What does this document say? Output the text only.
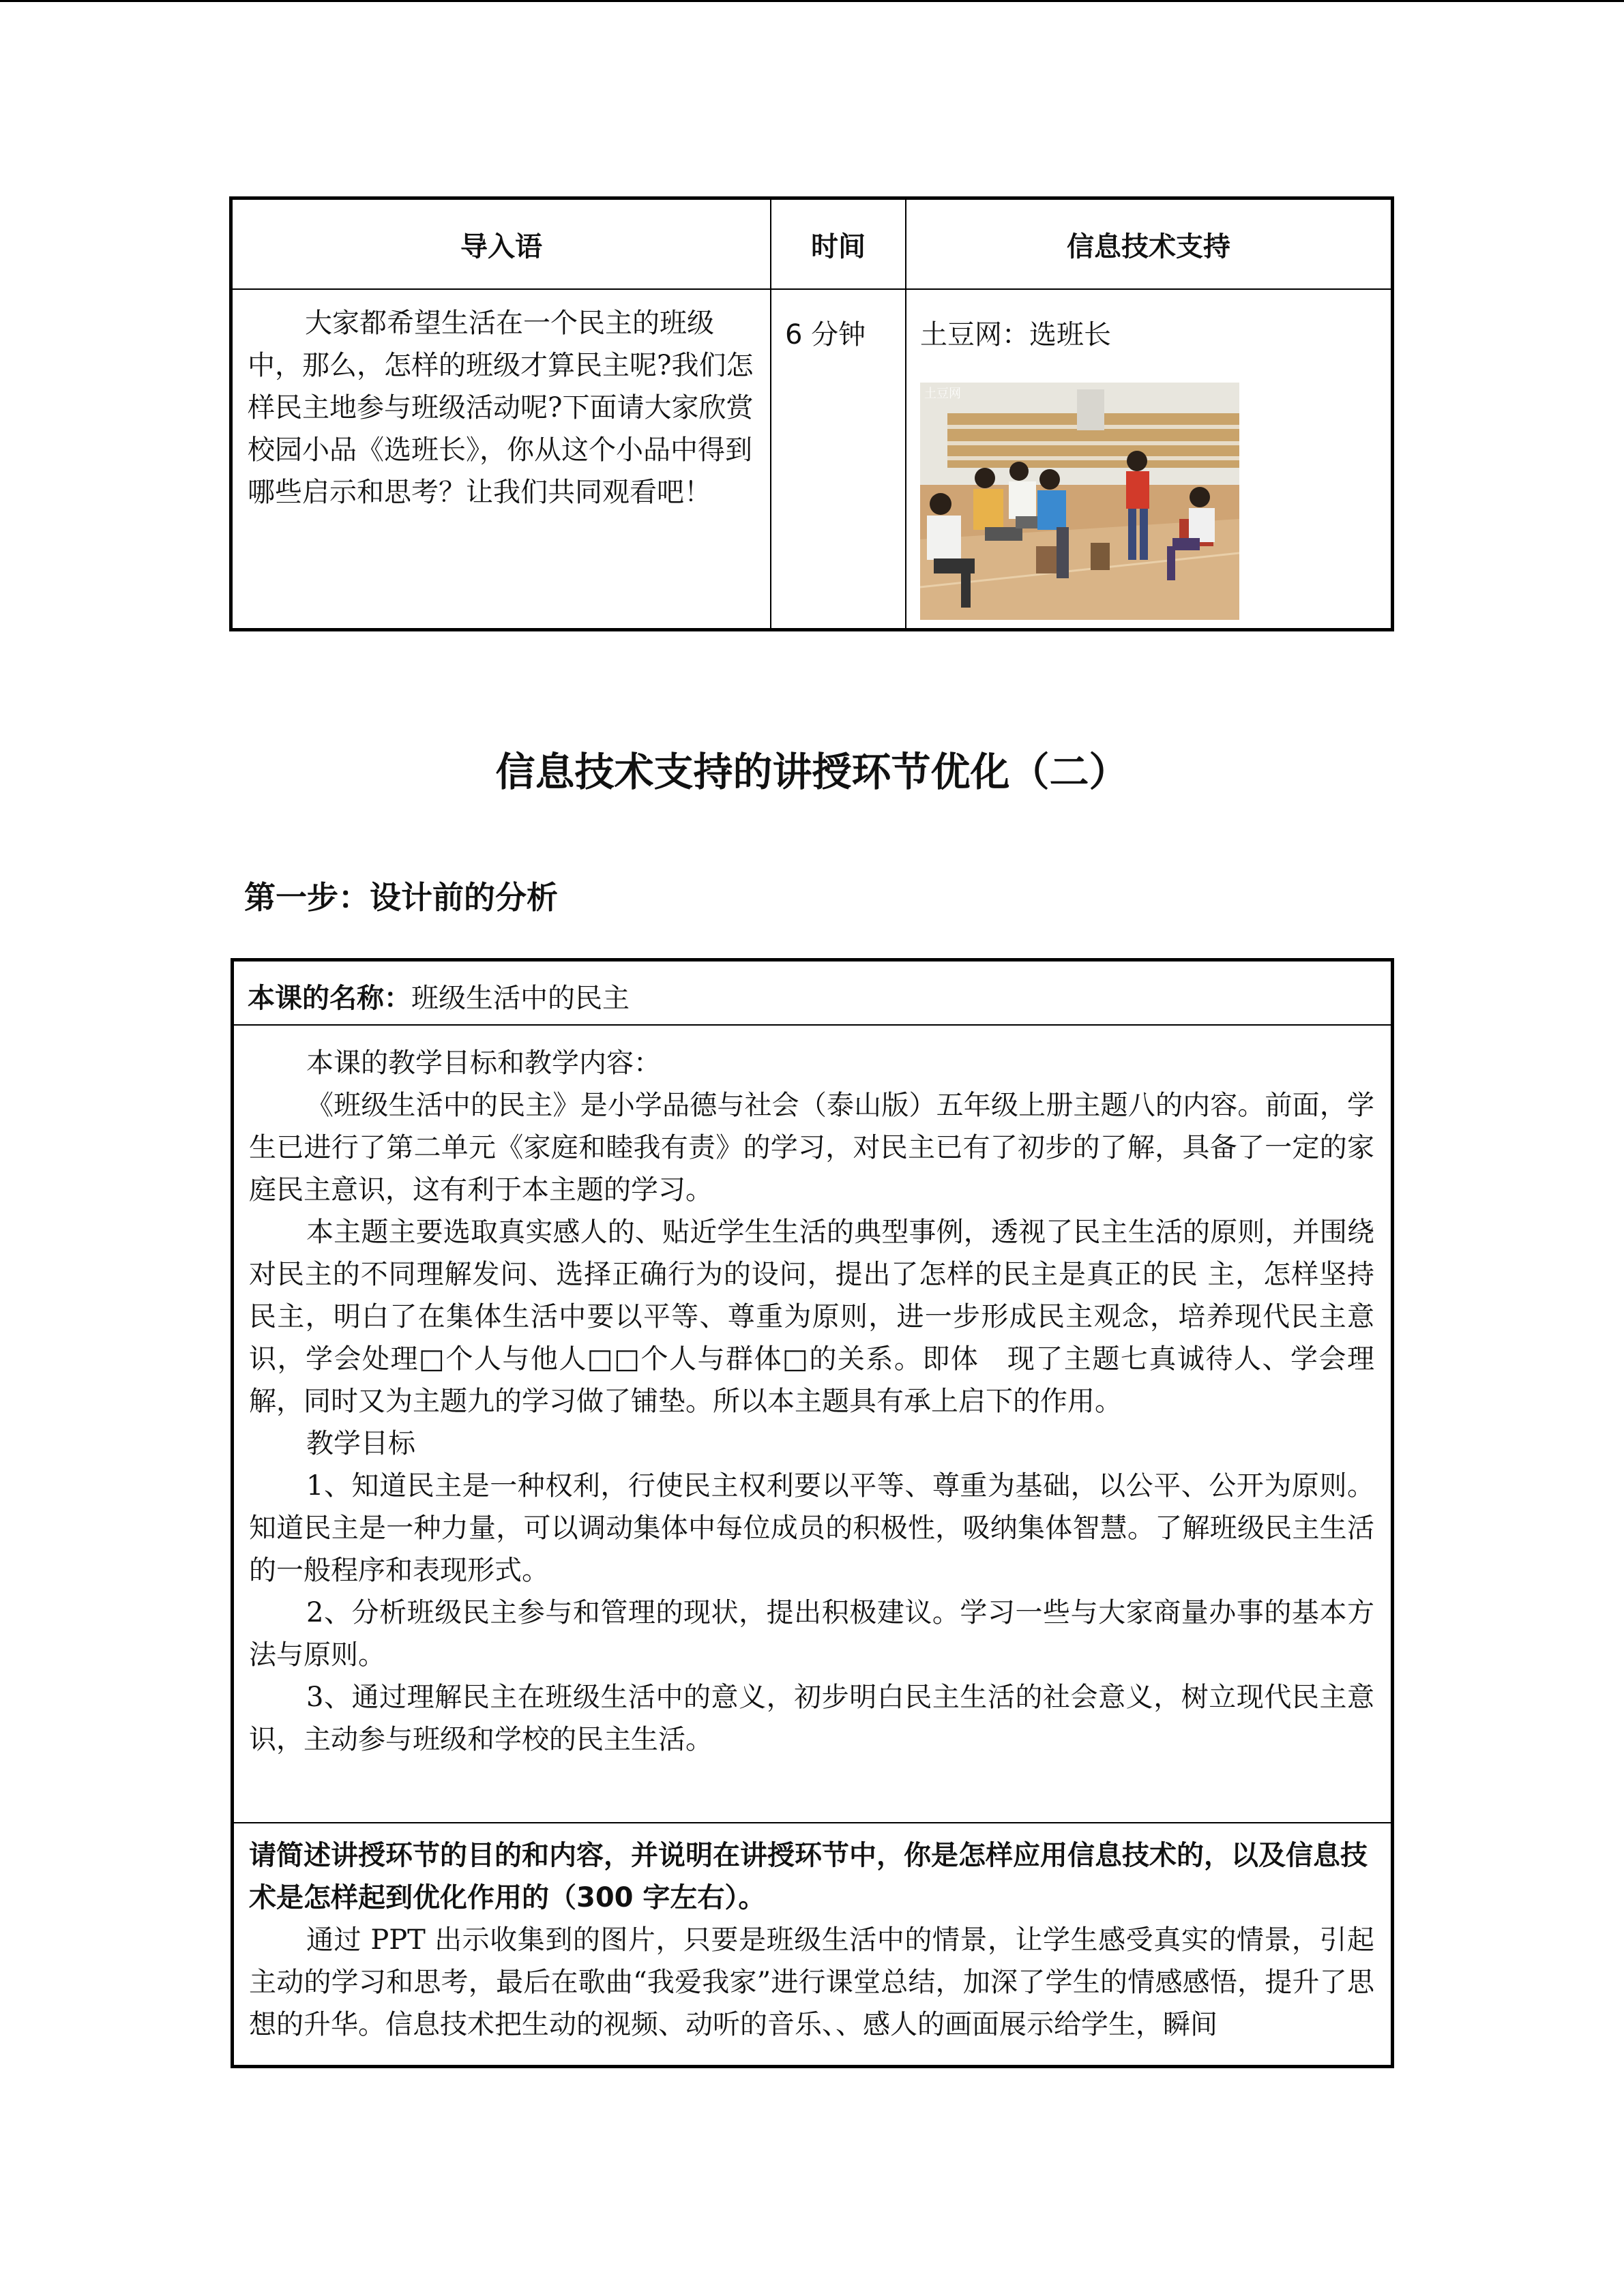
导入语	时间	信息技术支持
大家都希望生活在一个民主的班级中，那么，怎样的班级才算民主呢?我们怎样民主地参与班级活动呢?下面请大家欣赏校园小品《选班长》，你从这个小品中得到哪些启示和思考？让我们共同观看吧！
6 分钟 土豆网：选班长
土豆网
信息技术支持的讲授环节优化（二）
第一步：设计前的分析
本课的名称：班级生活中的民主

本课的教学目标和教学内容：

《班级生活中的民主》是小学品德与社会（泰山版）五年级上册主题八的内容。前面，学生已进行了第二单元《家庭和睦我有责》的学习，对民主已有了初步的了解，具备了一定的家庭民主意识，这有利于本主题的学习。

本主题主要选取真实感人的、贴近学生生活的典型事例，透视了民主生活的原则，并围绕对民主的不同理解发问、选择正确行为的设问，提出了怎样的民主是真正的民 主，怎样坚持民主，明白了在集体生活中要以平等、尊重为原则，进一步形成民主观念，培养现代民主意识，学会处理□个人与他人□□个人与群体□的关系。即体　现了主题七真诚待人、学会理解，同时又为主题九的学习做了铺垫。所以本主题具有承上启下的作用。

教学目标

1、知道民主是一种权利，行使民主权利要以平等、尊重为基础，以公平、公开为原则。知道民主是一种力量，可以调动集体中每位成员的积极性，吸纳集体智慧。了解班级民主生活的一般程序和表现形式。

2、分析班级民主参与和管理的现状，提出积极建议。学习一些与大家商量办事的基本方法与原则。

3、通过理解民主在班级生活中的意义，初步明白民主生活的社会意义，树立现代民主意识，主动参与班级和学校的民主生活。

请简述讲授环节的目的和内容，并说明在讲授环节中，你是怎样应用信息技术的，以及信息技术是怎样起到优化作用的（300 字左右）。

通过 PPT 出示收集到的图片，只要是班级生活中的情景，让学生感受真实的情景，引起主动的学习和思考，最后在歌曲“我爱我家”进行课堂总结，加深了学生的情感感悟，提升了思想的升华。信息技术把生动的视频、动听的音乐、、感人的画面展示给学生，瞬间
